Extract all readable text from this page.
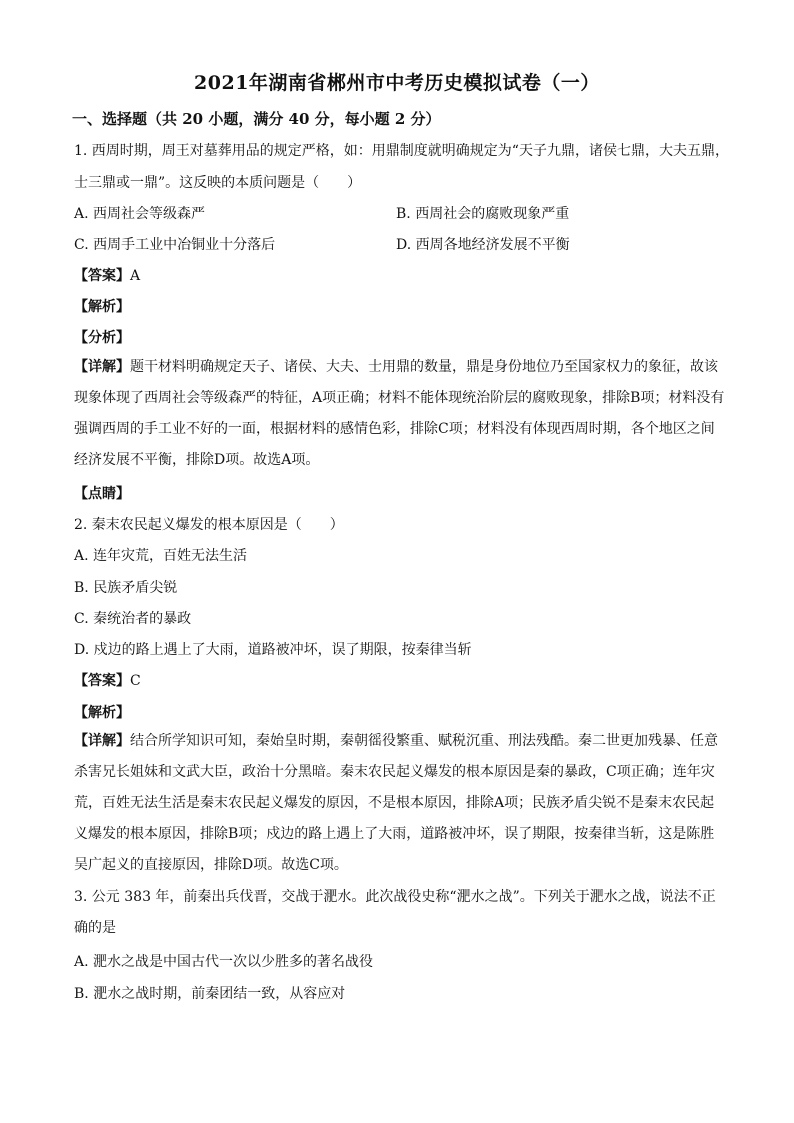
2021年湖南省郴州市中考历史模拟试卷（一）
一、选择题（共 20 小题，满分 40 分，每小题 2 分）
1. 西周时期，周王对墓葬用品的规定严格，如：用鼎制度就明确规定为“天子九鼎，诸侯七鼎，大夫五鼎，
士三鼎或一鼎”。这反映的本质问题是（　　）
A. 西周社会等级森严	B. 西周社会的腐败现象严重
C. 西周手工业中冶铜业十分落后	D. 西周各地经济发展不平衡
【答案】A
【解析】
【分析】
【详解】题干材料明确规定天子、诸侯、大夫、士用鼎的数量，鼎是身份地位乃至国家权力的象征，故该现象体现了西周社会等级森严的特征，A项正确；材料不能体现统治阶层的腐败现象，排除B项；材料没有强调西周的手工业不好的一面，根据材料的感情色彩，排除C项；材料没有体现西周时期，各个地区之间经济发展不平衡，排除D项。故选A项。
【点睛】
2. 秦末农民起义爆发的根本原因是（　　）
A. 连年灾荒，百姓无法生活
B. 民族矛盾尖锐
C. 秦统治者的暴政
D. 戍边的路上遇上了大雨，道路被冲坏，误了期限，按秦律当斩
【答案】C
【解析】
【详解】结合所学知识可知，秦始皇时期，秦朝徭役繁重、赋税沉重、刑法残酷。秦二世更加残暴、任意杀害兄长姐妹和文武大臣，政治十分黑暗。秦末农民起义爆发的根本原因是秦的暴政，C项正确；连年灾荒，百姓无法生活是秦末农民起义爆发的原因，不是根本原因，排除A项；民族矛盾尖锐不是秦末农民起义爆发的根本原因，排除B项；戍边的路上遇上了大雨，道路被冲坏，误了期限，按秦律当斩，这是陈胜吴广起义的直接原因，排除D项。故选C项。
3. 公元 383 年，前秦出兵伐晋，交战于淝水。此次战役史称“淝水之战”。下列关于淝水之战，说法不正确的是
A. 淝水之战是中国古代一次以少胜多的著名战役
B. 淝水之战时期，前秦团结一致，从容应对
